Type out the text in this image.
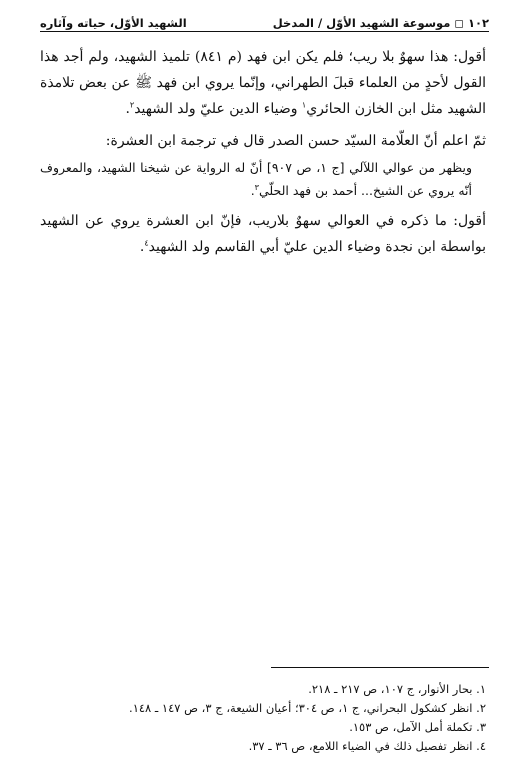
١٠٢ ◻ موسوعة الشهيد الأوّل / المدخل
الشهيد الأوّل، حياته وآثاره

أقول: هذا سهوٌ بلا ريب؛ فلم يكن ابن فهد (م ٨٤١) تلميذ الشهيد، ولم أجد هذا القول لأحدٍ من العلماء قبلَ الطهراني، وإنّما يروي ابن فهد ﷺ عن بعض تلامذة الشهيد مثل ابن الخازن الحائري$^١$ وضياء الدين عليّ ولد الشهيد$^٢$.

ثمّ اعلم أنّ العلّامة السيّد حسن الصدر قال في ترجمة ابن العشرة:

ويظهر من عوالي اللآلي [ج ١، ص ٩٠٧] أنّ له الرواية عن شيخنا الشهيد، والمعروف أنّه يروي عن الشيخ... أحمد بن فهد الحلّي$^٣$.

أقول: ما ذكره في العوالي سهوٌ بلاريب، فإنّ ابن العشرة يروي عن الشهيد بواسطة ابن نجدة وضياء الدين عليّ أبي القاسم ولد الشهيد$^٤$.

١. بحار الأنوار، ج ١٠٧، ص ٢١٧ ـ ٢١٨.
٢. انظر كشكول البحراني، ج ١، ص ٣٠٤؛ أعيان الشيعة، ج ٣، ص ١٤٧ ـ ١٤٨.
٣. تكملة أمل الآمل، ص ١٥٣.
٤. انظر تفصيل ذلك في الضياء اللامع، ص ٣٦ ـ ٣٧.
